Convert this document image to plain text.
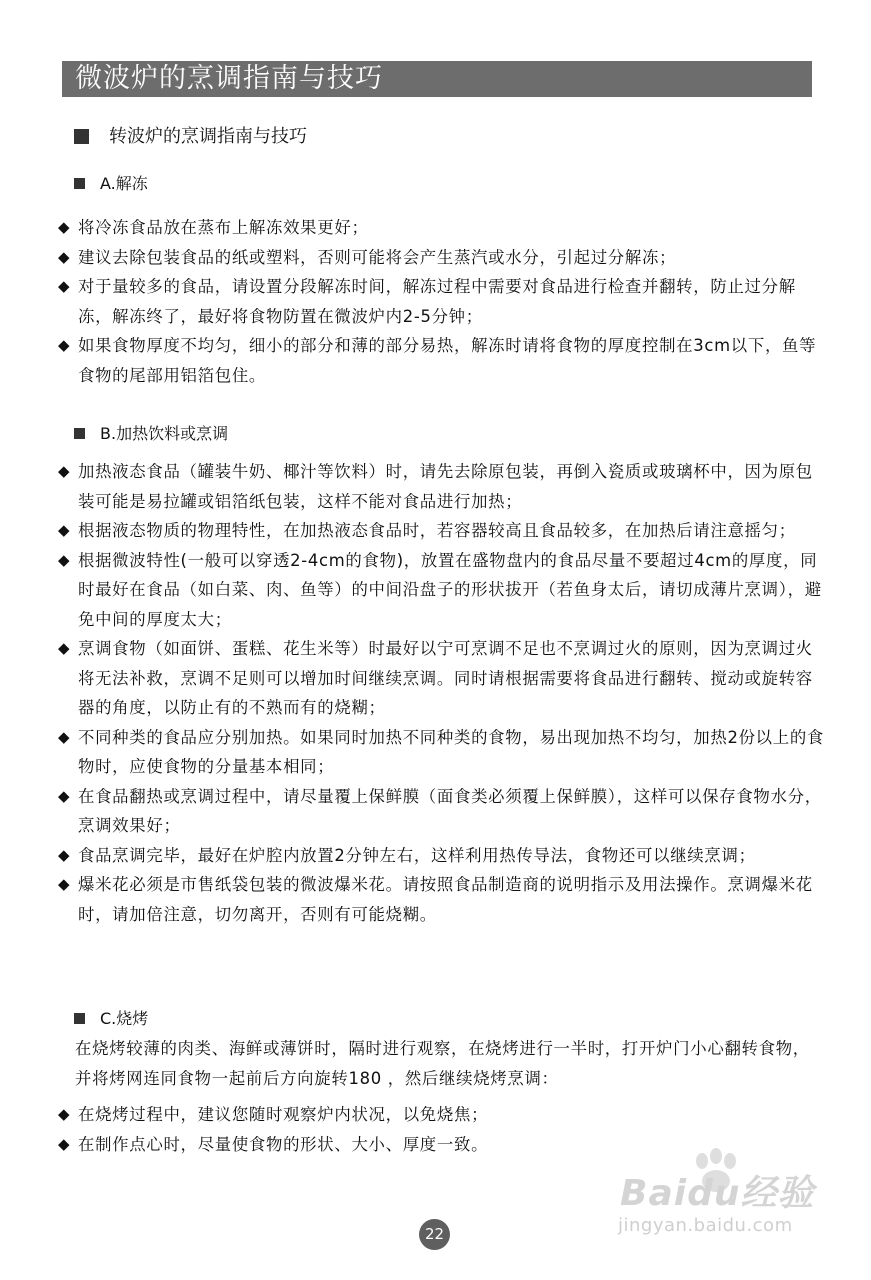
微波炉的烹调指南与技巧
转波炉的烹调指南与技巧
A.解冻
◆ 将冷冻食品放在蒸布上解冻效果更好；
◆ 建议去除包装食品的纸或塑料，否则可能将会产生蒸汽或水分，引起过分解冻；
◆ 对于量较多的食品，请设置分段解冻时间，解冻过程中需要对食品进行检查并翻转，防止过分解冻，解冻终了，最好将食物防置在微波炉内2-5分钟；
◆ 如果食物厚度不均匀，细小的部分和薄的部分易热，解冻时请将食物的厚度控制在3cm以下，鱼等食物的尾部用铝箔包住。
B.加热饮料或烹调
◆ 加热液态食品（罐装牛奶、椰汁等饮料）时，请先去除原包装，再倒入瓷质或玻璃杯中，因为原包装可能是易拉罐或铝箔纸包装，这样不能对食品进行加热；
◆ 根据液态物质的物理特性，在加热液态食品时，若容器较高且食品较多，在加热后请注意摇匀；
◆ 根据微波特性(一般可以穿透2-4cm的食物)，放置在盛物盘内的食品尽量不要超过4cm的厚度，同时最好在食品（如白菜、肉、鱼等）的中间沿盘子的形状拔开（若鱼身太后，请切成薄片烹调），避免中间的厚度太大；
◆ 烹调食物（如面饼、蛋糕、花生米等）时最好以宁可烹调不足也不烹调过火的原则，因为烹调过火将无法补救，烹调不足则可以增加时间继续烹调。同时请根据需要将食品进行翻转、搅动或旋转容器的角度，以防止有的不熟而有的烧糊；
◆ 不同种类的食品应分别加热。如果同时加热不同种类的食物，易出现加热不均匀，加热2份以上的食物时，应使食物的分量基本相同；
◆ 在食品翻热或烹调过程中，请尽量覆上保鲜膜（面食类必须覆上保鲜膜），这样可以保存食物水分，烹调效果好；
◆ 食品烹调完毕，最好在炉腔内放置2分钟左右，这样利用热传导法，食物还可以继续烹调；
◆ 爆米花必须是市售纸袋包装的微波爆米花。请按照食品制造商的说明指示及用法操作。烹调爆米花时，请加倍注意，切勿离开，否则有可能烧糊。
C.烧烤
在烧烤较薄的肉类、海鲜或薄饼时，隔时进行观察，在烧烤进行一半时，打开炉门小心翻转食物，并将烤网连同食物一起前后方向旋转180 ，然后继续烧烤烹调：
◆ 在烧烤过程中，建议您随时观察炉内状况，以免烧焦；
◆ 在制作点心时，尽量使食物的形状、大小、厚度一致。
Baidu经验
jingyan.baidu.com
22
